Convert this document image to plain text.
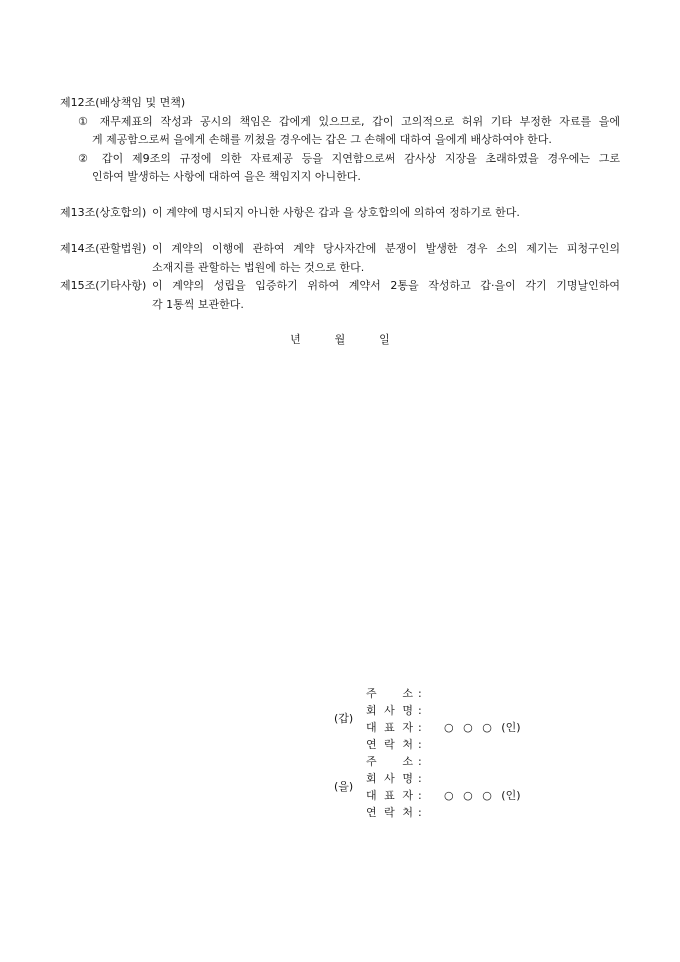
제12조(배상책임 및 면책)
① 재무제표의 작성과 공시의 책임은 갑에게 있으므로, 갑이 고의적으로 허위 기타 부정한 자료를 을에
게 제공함으로써 을에게 손해를 끼쳤을 경우에는 갑은 그 손해에 대하여 을에게 배상하여야 한다.
② 갑이 제9조의 규정에 의한 자료제공 등을 지연함으로써 감사상 지장을 초래하였을 경우에는 그로
인하여 발생하는 사항에 대하여 을은 책임지지 아니한다.
제13조(상호합의) 이 계약에 명시되지 아니한 사항은 갑과 을 상호합의에 의하여 정하기로 한다.
제14조(관할법원) 이 계약의 이행에 관하여 계약 당사자간에 분쟁이 발생한 경우 소의 제기는 피청구인의
소재지를 관할하는 법원에 하는 것으로 한다.
제15조(기타사항) 이 계약의 성립을 입증하기 위하여 계약서 2통을 작성하고 갑·을이 각기 기명날인하여
각 1통씩 보관한다.
년	월	일
(갑)
주 소 :
회 사 명 :
대 표 자 : ○ ○ ○ (인)
연 락 처 :
(을)
주 소 :
회 사 명 :
대 표 자 : ○ ○ ○ (인)
연 락 처 :
